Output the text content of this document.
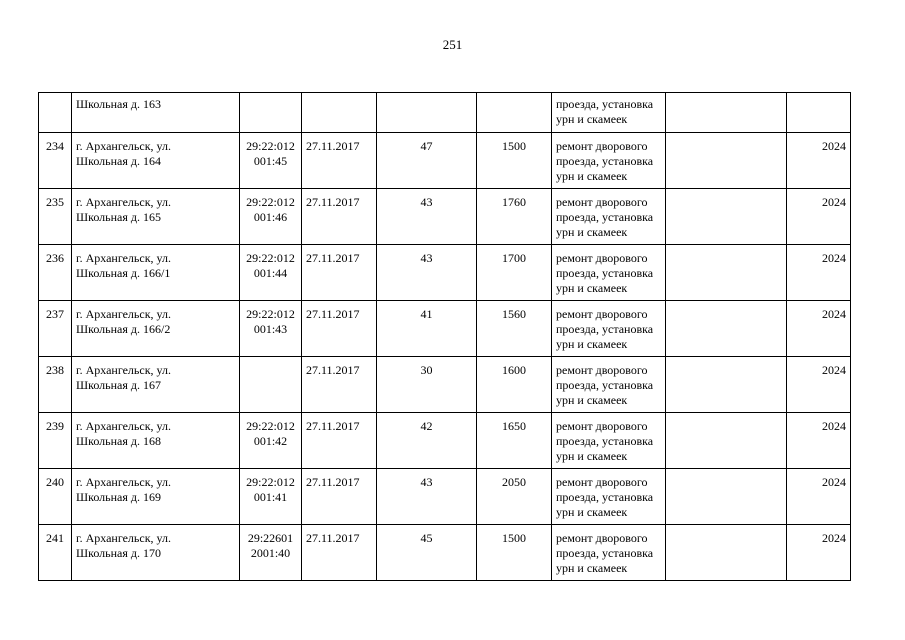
251

	Школьная д. 163					проезда, установка
урн и скамеек		

234	г. Архангельск, ул.
Школьная д. 164	29:22:012
001:45	27.11.2017	47	1500	ремонт дворового
проезда, установка
урн и скамеек		2024

235	г. Архангельск, ул.
Школьная д. 165	29:22:012
001:46	27.11.2017	43	1760	ремонт дворового
проезда, установка
урн и скамеек		2024

236	г. Архангельск, ул.
Школьная д. 166/1	29:22:012
001:44	27.11.2017	43	1700	ремонт дворового
проезда, установка
урн и скамеек		2024

237	г. Архангельск, ул.
Школьная д. 166/2	29:22:012
001:43	27.11.2017	41	1560	ремонт дворового
проезда, установка
урн и скамеек		2024

238	г. Архангельск, ул.
Школьная д. 167		27.11.2017	30	1600	ремонт дворового
проезда, установка
урн и скамеек		2024

239	г. Архангельск, ул.
Школьная д. 168	29:22:012
001:42	27.11.2017	42	1650	ремонт дворового
проезда, установка
урн и скамеек		2024

240	г. Архангельск, ул.
Школьная д. 169	29:22:012
001:41	27.11.2017	43	2050	ремонт дворового
проезда, установка
урн и скамеек		2024

241	г. Архангельск, ул.
Школьная д. 170	29:22601
2001:40	27.11.2017	45	1500	ремонт дворового
проезда, установка
урн и скамеек		2024
